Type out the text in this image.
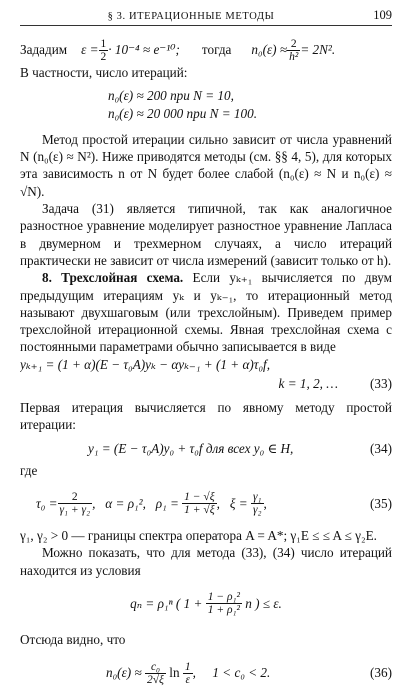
§ 3. ИТЕРАЦИОННЫЕ МЕТОДЫ	109
Зададим $\varepsilon = \frac{1}{2} \cdot 10^{-4} \approx e^{-10}$; тогда $n_0(\varepsilon) \approx \frac{2}{\text{h²}} = 2N^2$.
В частности, число итераций:
n₀(ε) ≈ 200 при N = 10,
n₀(ε) ≈ 20 000 при N = 100.
Метод простой итерации сильно зависит от числа уравнений N (n₀(ε) ≈ N²). Ниже приводятся методы (см. §§ 4, 5), для которых эта зависимость n от N будет более слабой (n₀(ε) ≈ N и n₀(ε) ≈ √N).
Задача (31) является типичной, так как аналогичное разностное уравнение моделирует разностное уравнение Лапласа в двумерном и трехмерном случаях, а число итераций практически не зависит от числа измерений (зависит только от h).
8. Трехслойная схема. Если yₖ₊₁ вычисляется по двум предыдущим итерациям yₖ и yₖ₋₁, то итерационный метод называют двухшаговым (или трехслойным). Приведем пример трехслойной итерационной схемы. Явная трехслойная схема с постоянными параметрами обычно записывается в виде
yₖ₊₁ = (1 + α)(E − τ₀A)yₖ − αyₖ₋₁ + (1 + α)τ₀f,
k = 1, 2, … (33)
Первая итерация вычисляется по явному методу простой итерации:
y₁ = (E − τ₀A)y₀ + τ₀f для всех y₀ ∈ H,	(34)
где
$\tau_0 = \frac{2}{\text{γ₁ + γ₂}}$ ,   α = ρ₁²,   $\rho_1 = \frac{1 - √\xi}{1 + √\xi}$ ,   $\xi = \frac{\text{γ₁}}{\text{γ₂}}$ ,	(35)
γ₁, γ₂ > 0 — границы спектра оператора A = A*; γ₁E ≤ ≤ A ≤ γ₂E.
Можно показать, что для метода (33), (34) число итераций находится из условия
qₙ = ρ₁ⁿ ( $1 + \frac{\text{1 − ρ₁²}}{\text{1 + ρ₁²}}$ n ) ≤ ε.
Отсюда видно, что
$n_0(\varepsilon) \approx \frac{\text{c₀}}{2√\xi}$ $\ln \frac{1}{\varepsilon}$ ,     1 < c₀ < 2.	(36)
